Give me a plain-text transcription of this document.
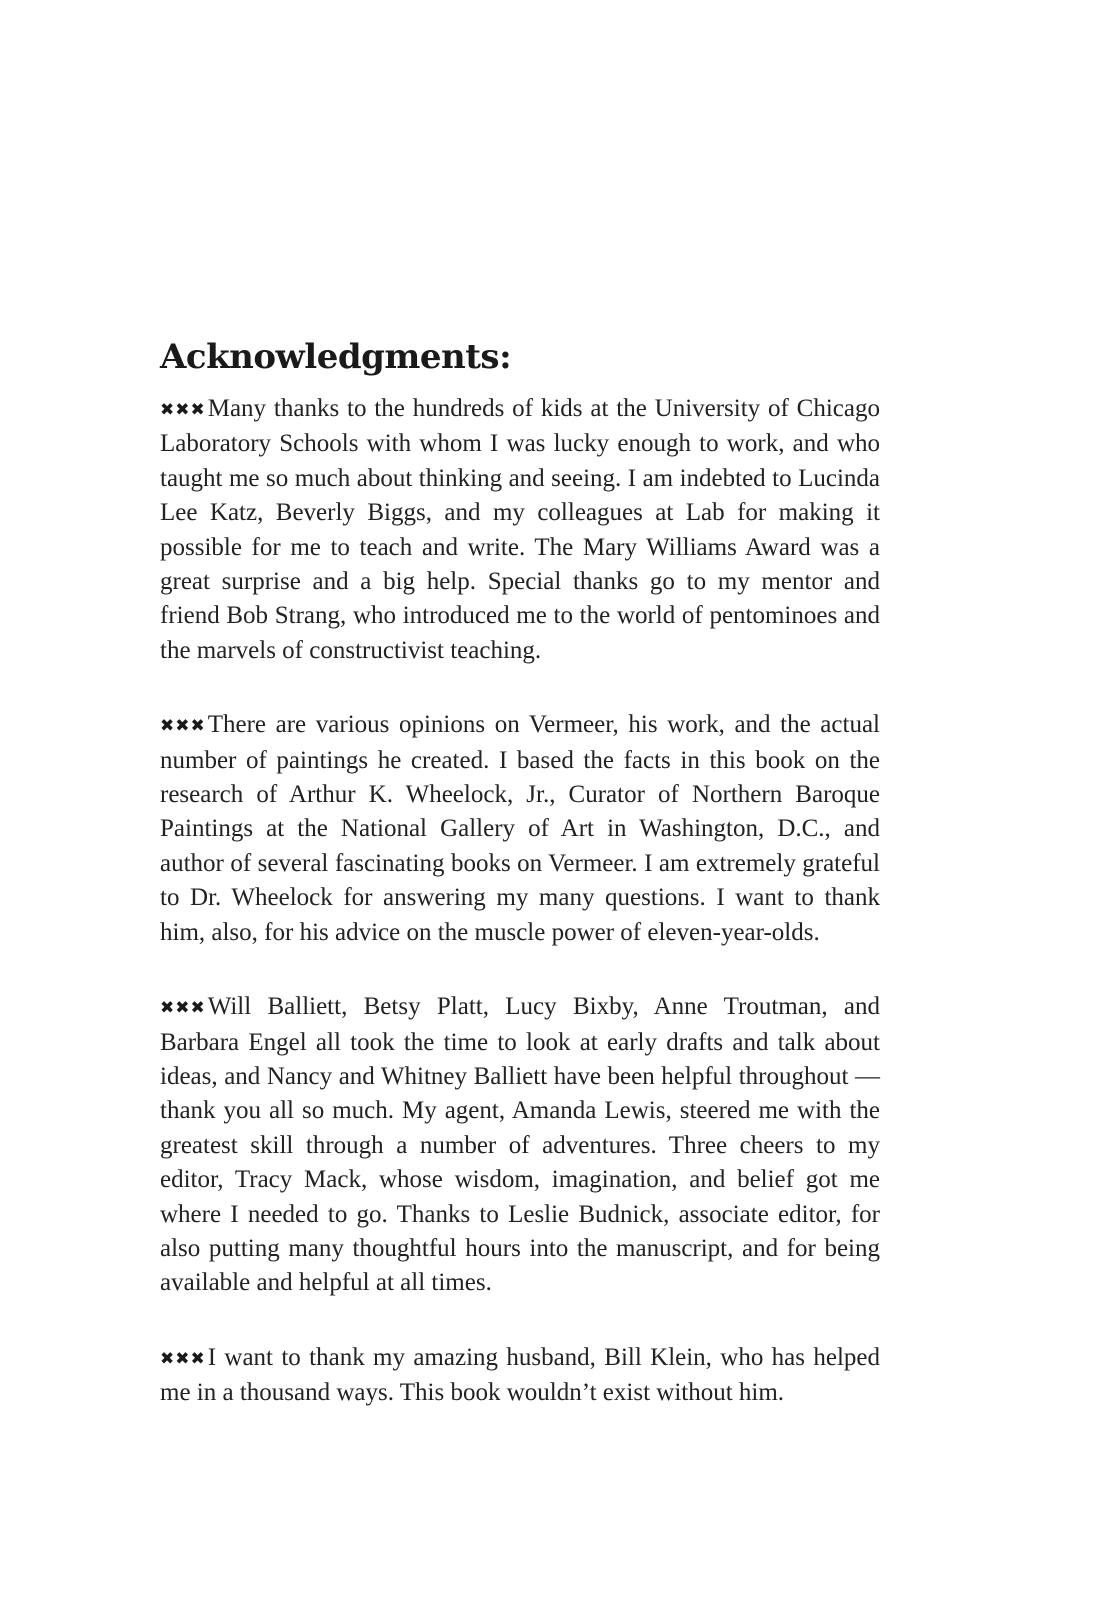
Acknowledgments:

✖✖✖Many thanks to the hundreds of kids at the University of Chicago Laboratory Schools with whom I was lucky enough to work, and who taught me so much about thinking and seeing. I am indebted to Lucinda Lee Katz, Beverly Biggs, and my colleagues at Lab for making it possible for me to teach and write. The Mary Williams Award was a great surprise and a big help. Special thanks go to my mentor and friend Bob Strang, who introduced me to the world of pentominoes and the marvels of constructivist teaching.

✖✖✖There are various opinions on Vermeer, his work, and the actual number of paintings he created. I based the facts in this book on the research of Arthur K. Wheelock, Jr., Curator of Northern Baroque Paintings at the National Gallery of Art in Washington, D.C., and author of several fascinating books on Vermeer. I am extremely grateful to Dr. Wheelock for answering my many questions. I want to thank him, also, for his advice on the muscle power of eleven-year-olds.

✖✖✖Will Balliett, Betsy Platt, Lucy Bixby, Anne Troutman, and Barbara Engel all took the time to look at early drafts and talk about ideas, and Nancy and Whitney Balliett have been helpful throughout — thank you all so much. My agent, Amanda Lewis, steered me with the greatest skill through a number of adventures. Three cheers to my editor, Tracy Mack, whose wisdom, imagination, and belief got me where I needed to go. Thanks to Leslie Budnick, associate editor, for also putting many thoughtful hours into the manuscript, and for being available and helpful at all times.

✖✖✖I want to thank my amazing husband, Bill Klein, who has helped me in a thousand ways. This book wouldn’t exist without him.
